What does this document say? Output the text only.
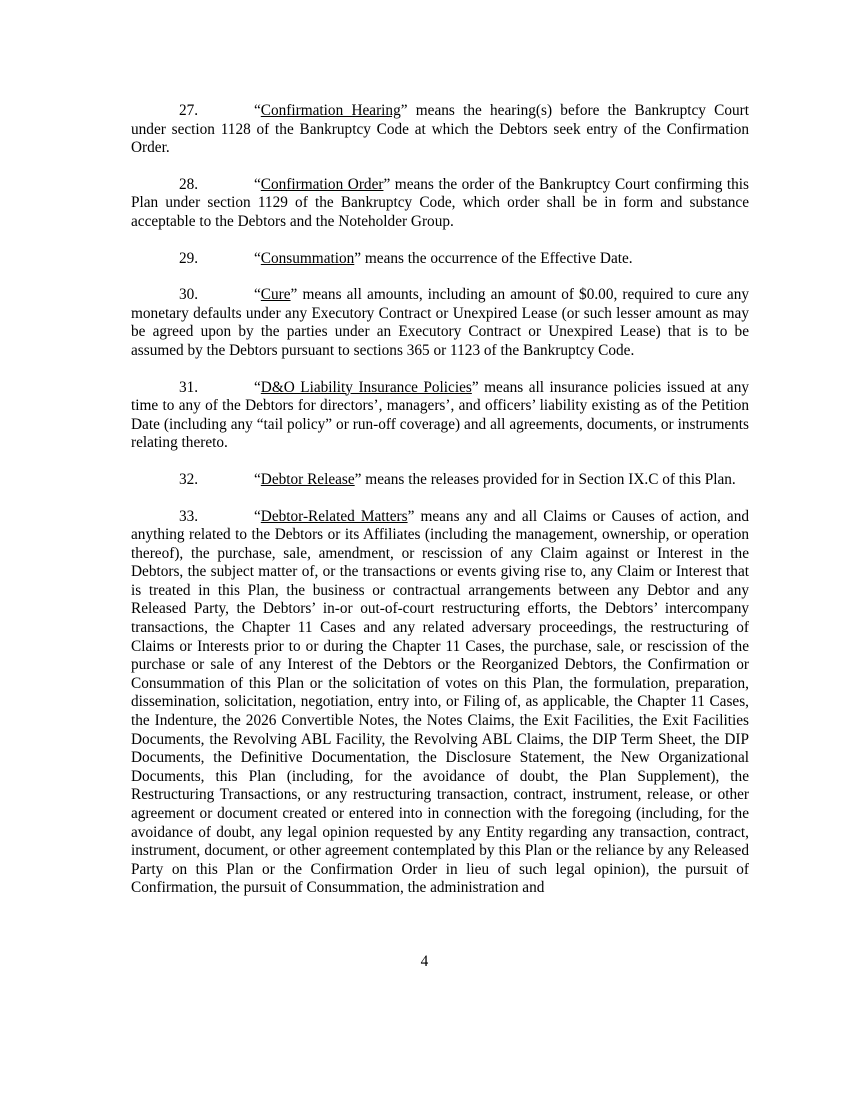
27.	“Confirmation Hearing” means the hearing(s) before the Bankruptcy Court under section 1128 of the Bankruptcy Code at which the Debtors seek entry of the Confirmation Order.

28.	“Confirmation Order” means the order of the Bankruptcy Court confirming this Plan under section 1129 of the Bankruptcy Code, which order shall be in form and substance acceptable to the Debtors and the Noteholder Group.

29.	“Consummation” means the occurrence of the Effective Date.

30.	“Cure” means all amounts, including an amount of $0.00, required to cure any monetary defaults under any Executory Contract or Unexpired Lease (or such lesser amount as may be agreed upon by the parties under an Executory Contract or Unexpired Lease) that is to be assumed by the Debtors pursuant to sections 365 or 1123 of the Bankruptcy Code.

31.	“D&O Liability Insurance Policies” means all insurance policies issued at any time to any of the Debtors for directors’, managers’, and officers’ liability existing as of the Petition Date (including any “tail policy” or run-off coverage) and all agreements, documents, or instruments relating thereto.

32.	“Debtor Release” means the releases provided for in Section IX.C of this Plan.

33.	“Debtor-Related Matters” means any and all Claims or Causes of action, and anything related to the Debtors or its Affiliates (including the management, ownership, or operation thereof), the purchase, sale, amendment, or rescission of any Claim against or Interest in the Debtors, the subject matter of, or the transactions or events giving rise to, any Claim or Interest that is treated in this Plan, the business or contractual arrangements between any Debtor and any Released Party, the Debtors’ in-or out-of-court restructuring efforts, the Debtors’ intercompany transactions, the Chapter 11 Cases and any related adversary proceedings, the restructuring of Claims or Interests prior to or during the Chapter 11 Cases, the purchase, sale, or rescission of the purchase or sale of any Interest of the Debtors or the Reorganized Debtors, the Confirmation or Consummation of this Plan or the solicitation of votes on this Plan, the formulation, preparation, dissemination, solicitation, negotiation, entry into, or Filing of, as applicable, the Chapter 11 Cases, the Indenture, the 2026 Convertible Notes, the Notes Claims, the Exit Facilities, the Exit Facilities Documents, the Revolving ABL Facility, the Revolving ABL Claims, the DIP Term Sheet, the DIP Documents, the Definitive Documentation, the Disclosure Statement, the New Organizational Documents, this Plan (including, for the avoidance of doubt, the Plan Supplement), the Restructuring Transactions, or any restructuring transaction, contract, instrument, release, or other agreement or document created or entered into in connection with the foregoing (including, for the avoidance of doubt, any legal opinion requested by any Entity regarding any transaction, contract, instrument, document, or other agreement contemplated by this Plan or the reliance by any Released Party on this Plan or the Confirmation Order in lieu of such legal opinion), the pursuit of Confirmation, the pursuit of Consummation, the administration and

4
